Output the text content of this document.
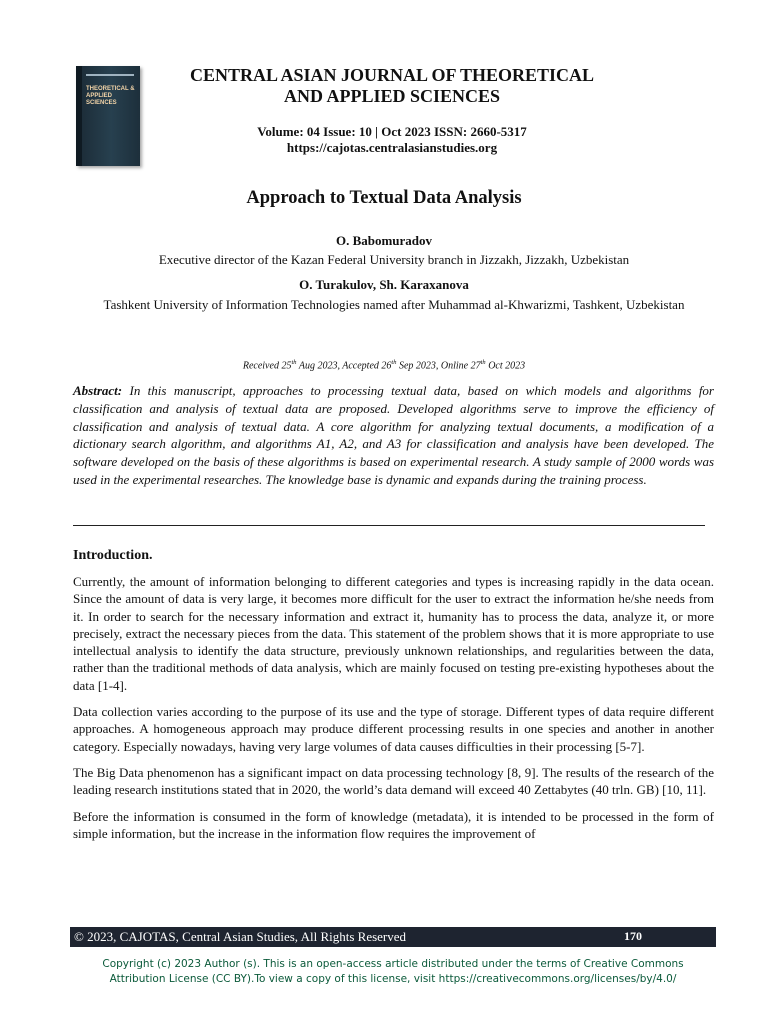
THEORETICAL &
APPLIED
SCIENCES
CENTRAL ASIAN JOURNAL OF THEORETICAL
AND APPLIED SCIENCES
Volume: 04 Issue: 10 | Oct 2023 ISSN: 2660-5317
https://cajotas.centralasianstudies.org
Approach to Textual Data Analysis
O. Babomuradov
Executive director of the Kazan Federal University branch in Jizzakh, Jizzakh, Uzbekistan
O. Turakulov, Sh. Karaxanova
Tashkent University of Information Technologies named after Muhammad al-Khwarizmi, Tashkent, Uzbekistan
Received 25th Aug 2023, Accepted 26th Sep 2023, Online 27th Oct 2023
Abstract: In this manuscript, approaches to processing textual data, based on which models and algorithms for classification and analysis of textual data are proposed. Developed algorithms serve to improve the efficiency of classification and analysis of textual data. A core algorithm for analyzing textual documents, a modification of a dictionary search algorithm, and algorithms A1, A2, and A3 for classification and analysis have been developed. The software developed on the basis of these algorithms is based on experimental research. A study sample of 2000 words was used in the experimental researches. The knowledge base is dynamic and expands during the training process.
Introduction.

Currently, the amount of information belonging to different categories and types is increasing rapidly in the data ocean. Since the amount of data is very large, it becomes more difficult for the user to extract the information he/she needs from it. In order to search for the necessary information and extract it, humanity has to process the data, analyze it, or more precisely, extract the necessary pieces from the data. This statement of the problem shows that it is more appropriate to use intellectual analysis to identify the data structure, previously unknown relationships, and regularities between the data, rather than the traditional methods of data analysis, which are mainly focused on testing pre-existing hypotheses about the data [1-4].

Data collection varies according to the purpose of its use and the type of storage. Different types of data require different approaches. A homogeneous approach may produce different processing results in one species and another in another category. Especially nowadays, having very large volumes of data causes difficulties in their processing [5-7].

The Big Data phenomenon has a significant impact on data processing technology [8, 9]. The results of the research of the leading research institutions stated that in 2020, the world’s data demand will exceed 40 Zettabytes (40 trln. GB) [10, 11].

Before the information is consumed in the form of knowledge (metadata), it is intended to be processed in the form of simple information, but the increase in the information flow requires the improvement of

© 2023, CAJOTAS, Central Asian Studies, All Rights Reserved	170
Copyright (c) 2023 Author (s). This is an open-access article distributed under the terms of Creative Commons
Attribution License (CC BY).To view a copy of this license, visit https://creativecommons.org/licenses/by/4.0/
